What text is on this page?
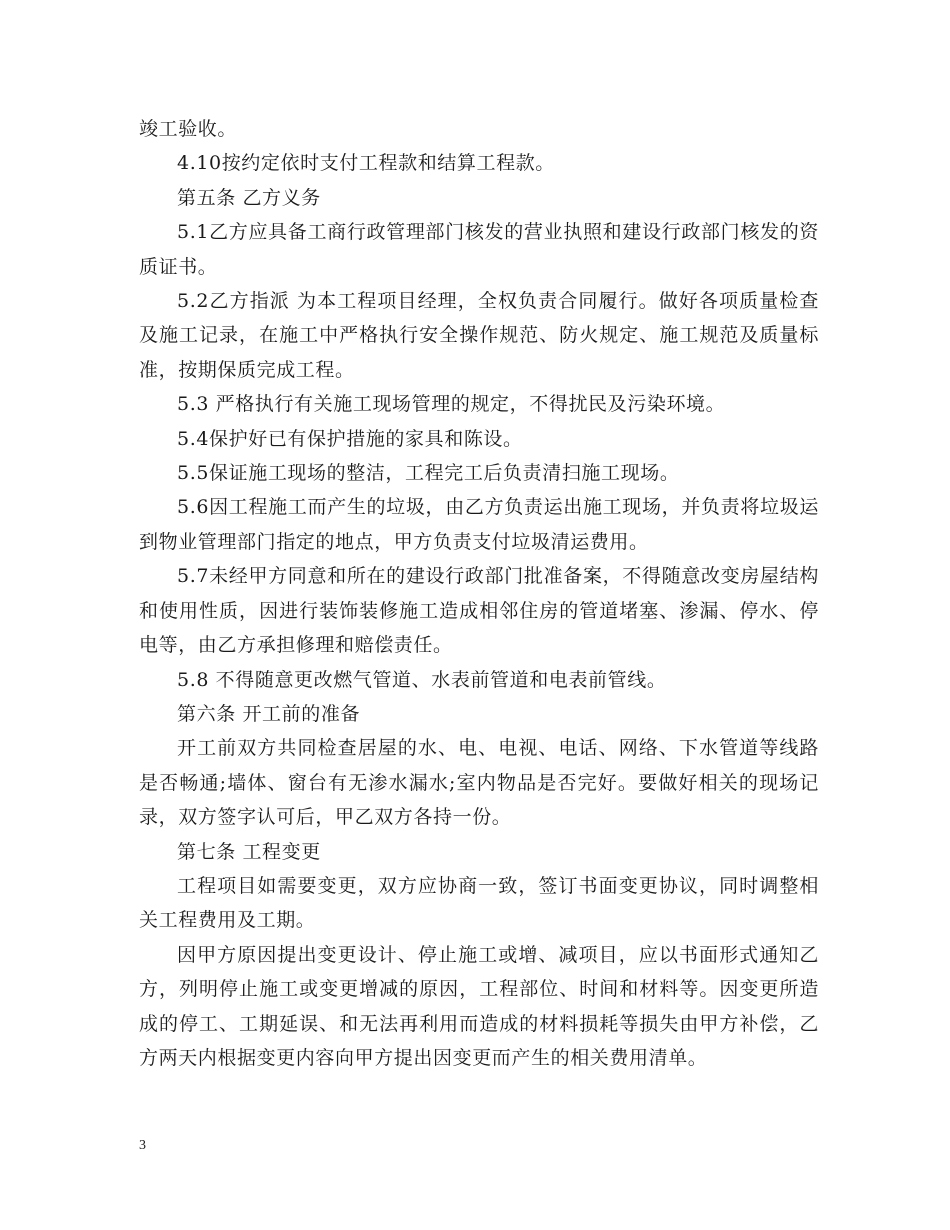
竣工验收。

4.10按约定依时支付工程款和结算工程款。

第五条 乙方义务

5.1乙方应具备工商行政管理部门核发的营业执照和建设行政部门核发的资质证书。

5.2乙方指派 为本工程项目经理，全权负责合同履行。做好各项质量检查及施工记录，在施工中严格执行安全操作规范、防火规定、施工规范及质量标准，按期保质完成工程。

5.3 严格执行有关施工现场管理的规定，不得扰民及污染环境。

5.4保护好已有保护措施的家具和陈设。

5.5保证施工现场的整洁，工程完工后负责清扫施工现场。

5.6因工程施工而产生的垃圾，由乙方负责运出施工现场，并负责将垃圾运到物业管理部门指定的地点，甲方负责支付垃圾清运费用。

5.7未经甲方同意和所在的建设行政部门批准备案，不得随意改变房屋结构和使用性质，因进行装饰装修施工造成相邻住房的管道堵塞、渗漏、停水、停电等，由乙方承担修理和赔偿责任。

5.8 不得随意更改燃气管道、水表前管道和电表前管线。

第六条 开工前的准备

开工前双方共同检查居屋的水、电、电视、电话、网络、下水管道等线路是否畅通;墙体、窗台有无渗水漏水;室内物品是否完好。要做好相关的现场记录，双方签字认可后，甲乙双方各持一份。

第七条 工程变更

工程项目如需要变更，双方应协商一致，签订书面变更协议，同时调整相关工程费用及工期。

因甲方原因提出变更设计、停止施工或增、减项目，应以书面形式通知乙方，列明停止施工或变更增减的原因，工程部位、时间和材料等。因变更所造成的停工、工期延误、和无法再利用而造成的材料损耗等损失由甲方补偿，乙方两天内根据变更内容向甲方提出因变更而产生的相关费用清单。

3
